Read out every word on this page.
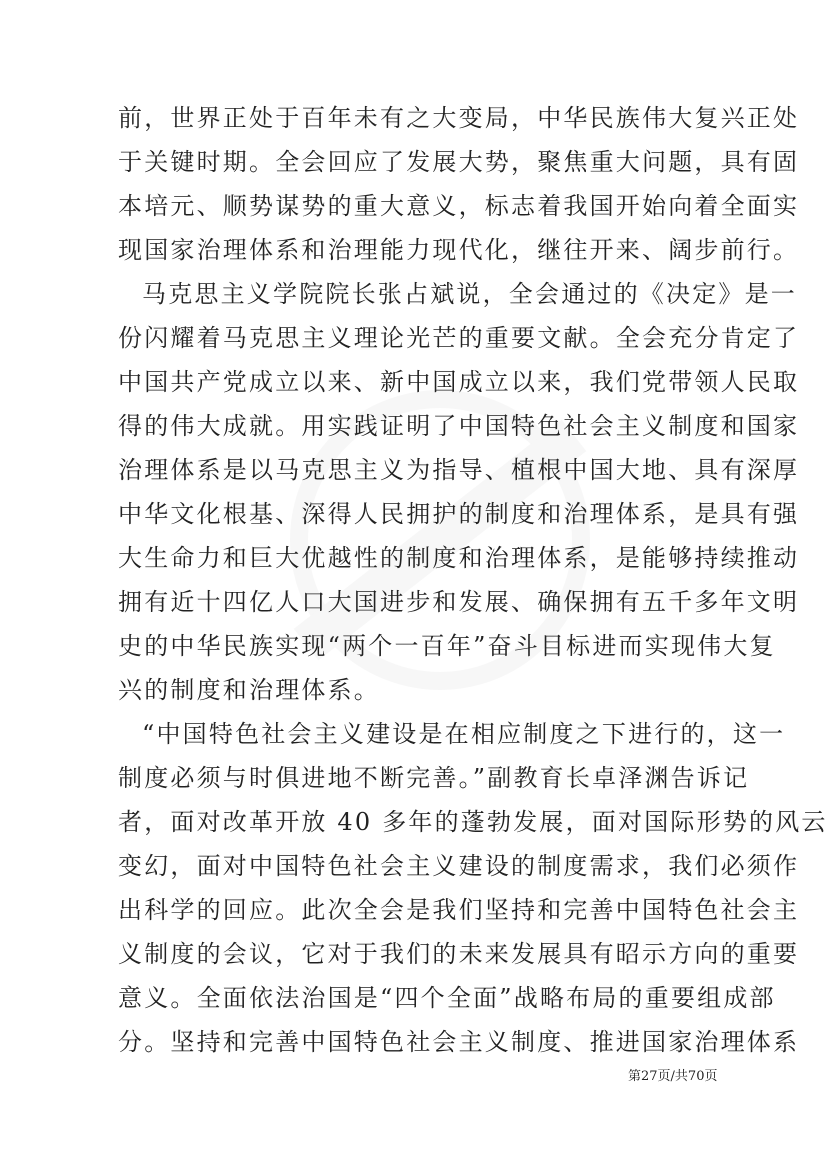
前，世界正处于百年未有之大变局，中华民族伟大复兴正处
于关键时期。全会回应了发展大势，聚焦重大问题，具有固
本培元、顺势谋势的重大意义，标志着我国开始向着全面实
现国家治理体系和治理能力现代化，继往开来、阔步前行。
马克思主义学院院长张占斌说，全会通过的《决定》是一
份闪耀着马克思主义理论光芒的重要文献。全会充分肯定了
中国共产党成立以来、新中国成立以来，我们党带领人民取
得的伟大成就。用实践证明了中国特色社会主义制度和国家
治理体系是以马克思主义为指导、植根中国大地、具有深厚
中华文化根基、深得人民拥护的制度和治理体系，是具有强
大生命力和巨大优越性的制度和治理体系，是能够持续推动
拥有近十四亿人口大国进步和发展、确保拥有五千多年文明
史的中华民族实现“两个一百年”奋斗目标进而实现伟大复
兴的制度和治理体系。
“中国特色社会主义建设是在相应制度之下进行的，这一
制度必须与时俱进地不断完善。”副教育长卓泽渊告诉记
者，面对改革开放 40 多年的蓬勃发展，面对国际形势的风云
变幻，面对中国特色社会主义建设的制度需求，我们必须作
出科学的回应。此次全会是我们坚持和完善中国特色社会主
义制度的会议，它对于我们的未来发展具有昭示方向的重要
意义。全面依法治国是“四个全面”战略布局的重要组成部
分。坚持和完善中国特色社会主义制度、推进国家治理体系
第27页/共70页
